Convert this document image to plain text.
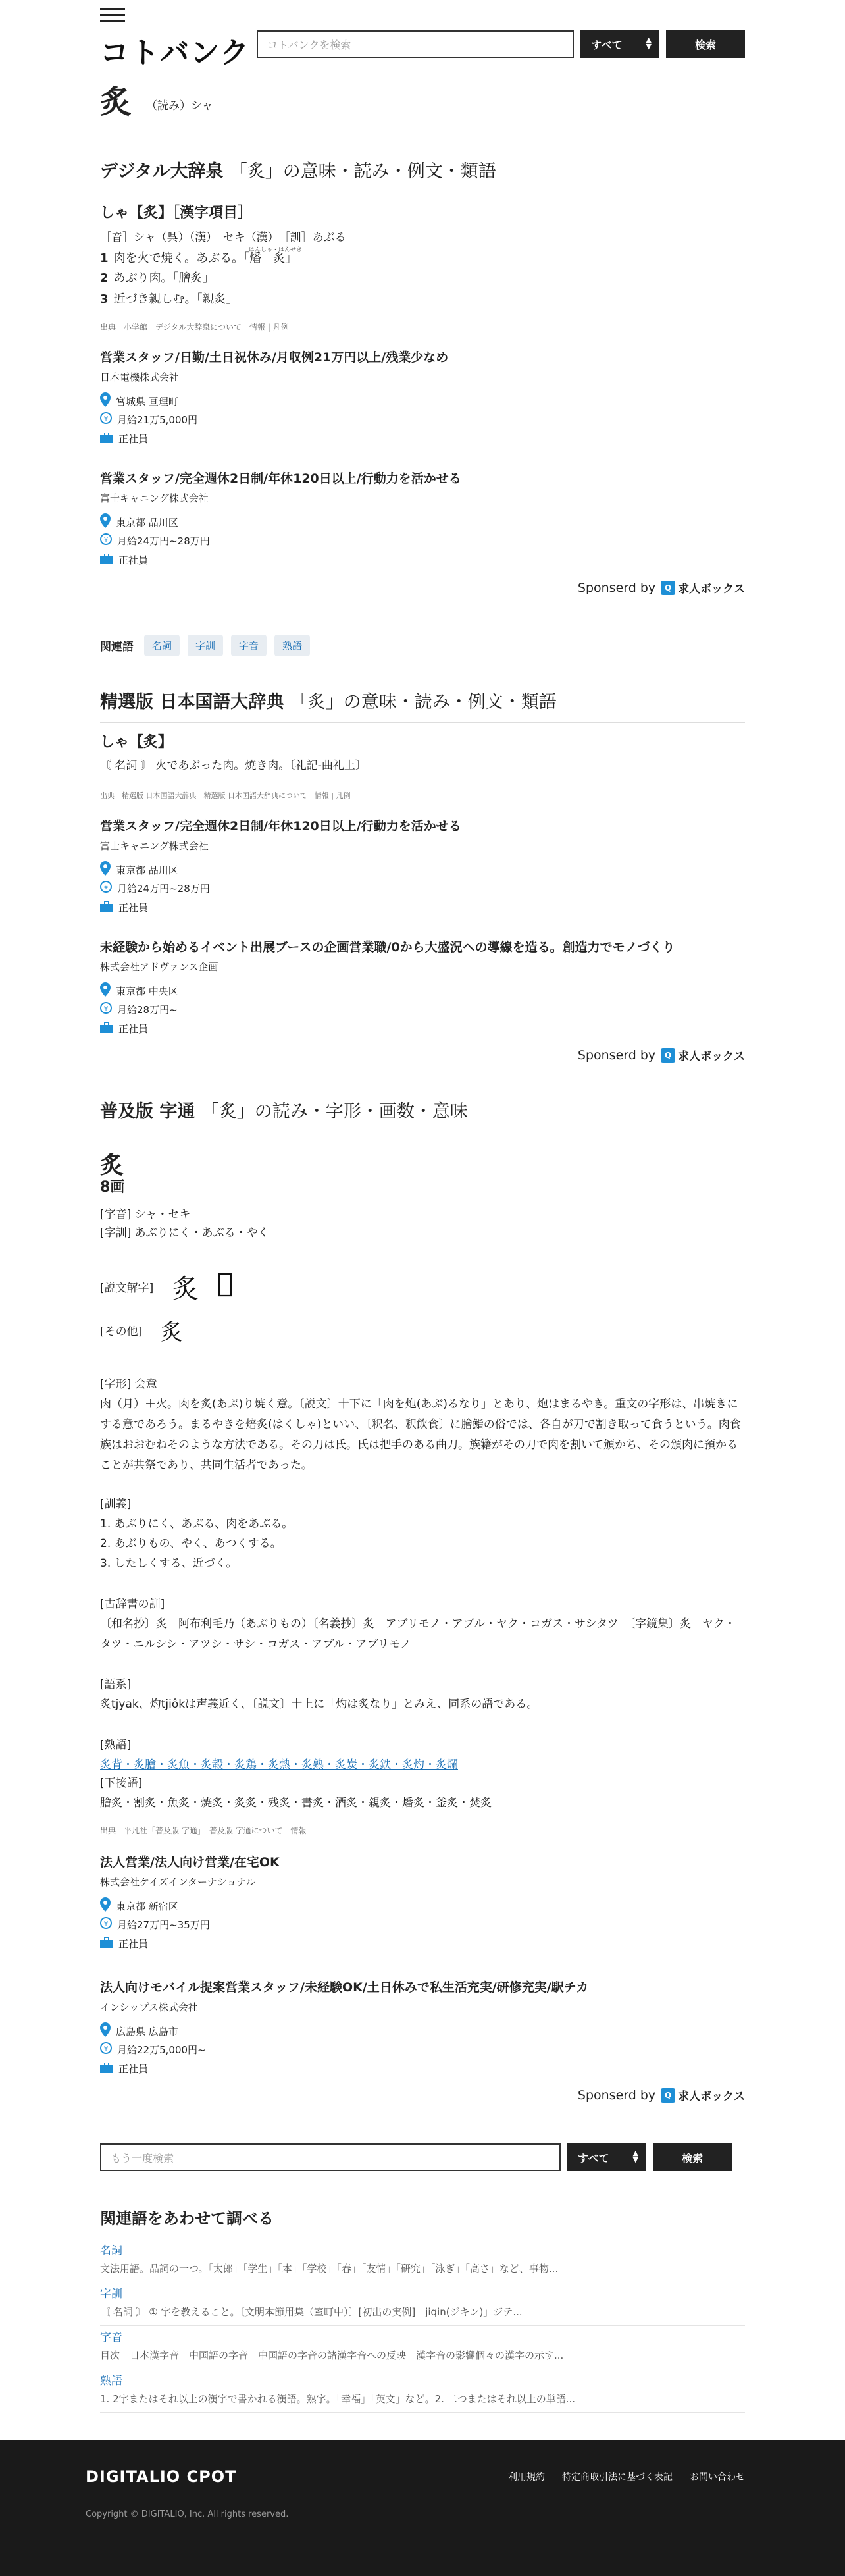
コトバンク	コトバンクを検索	すべて	▲
▼	検索
炙 （読み）シャ
デジタル大辞泉 「炙」の意味・読み・例文・類語
しゃ【炙】［漢字項目］
［音］シャ（呉）（漢）　セキ（漢）　［訓］あぶる
はんしゃ・はんせき
1 肉を火で焼く。あぶる。「燔　炙」
2 あぶり肉。「膾炙」
3 近づき親しむ。「親炙」
出典　小学館　デジタル大辞泉について　情報 | 凡例
営業スタッフ/日勤/土日祝休み/月収例21万円以上/残業少なめ
日本電機株式会社
宮城県 亘理町
¥ 月給21万5,000円
正社員
営業スタッフ/完全週休2日制/年休120日以上/行動力を活かせる
富士キャニング株式会社
東京都 品川区
¥ 月給24万円~28万円
正社員
Sponserd by	Q 求人ボックス
関連語	名詞	字訓	字音	熟語
精選版 日本国語大辞典 「炙」の意味・読み・例文・類語
しゃ【炙】
〘 名詞 〙 火であぶった肉。焼き肉。〔礼記‐曲礼上〕
出典　精選版 日本国語大辞典　精選版 日本国語大辞典について　情報 | 凡例
営業スタッフ/完全週休2日制/年休120日以上/行動力を活かせる
富士キャニング株式会社
東京都 品川区
¥ 月給24万円~28万円
正社員
未経験から始めるイベント出展ブースの企画営業職/0から大盛況への導線を造る。創造力でモノづくり
株式会社アドヴァンス企画
東京都 中央区
¥ 月給28万円~
正社員
Sponserd by	Q 求人ボックス
普及版 字通 「炙」の読み・字形・画数・意味
炙
8画
[字音] シャ・セキ
[字訓] あぶりにく・あぶる・やく
[説文解字] 炙 𤋗
[その他] 炙
[字形] 会意
肉（月）＋火。肉を炙(あぶ)り焼く意。〔説文〕十下に「肉を炮(あぶ)るなり」とあり、炮はまるやき。重文の字形は、串焼きにする意であろう。まるやきを焙炙(はくしゃ)といい、〔釈名、釈飲食〕に膾鮨の俗では、各自が刀で割き取って食うという。肉食族はおおむねそのような方法である。その刀は氏。氏は把手のある曲刀。族籍がその刀で肉を割いて頒かち、その頒肉に預かることが共祭であり、共同生活者であった。
[訓義]
1. あぶりにく、あぶる、肉をあぶる。
2. あぶりもの、やく、あつくする。
3. したしくする、近づく。
[古辞書の訓]
〔和名抄〕炙　阿布利毛乃（あぶりもの）〔名義抄〕炙　アブリモノ・アブル・ヤク・コガス・サシタツ　〔字鏡集〕炙　ヤク・タツ・ニルシシ・アツシ・サシ・コガス・アブル・アブリモノ
[語系]
炙tjyak、灼tjiôkは声義近く、〔説文〕十上に「灼は炙なり」とみえ、同系の語である。
[熟語]
炙背・炙膾・炙魚・炙轂・炙鶏・炙熱・炙熟・炙炭・炙鉄・炙灼・炙爛
[下接語]
膾炙・割炙・魚炙・焼炙・炙炙・残炙・書炙・酒炙・親炙・燔炙・釜炙・焚炙
出典　平凡社「普及版 字通」　普及版 字通について　情報
法人営業/法人向け営業/在宅OK
株式会社ケイズインターナショナル
東京都 新宿区
¥ 月給27万円~35万円
正社員
法人向けモバイル提案営業スタッフ/未経験OK/土日休みで私生活充実/研修充実/駅チカ
インシップス株式会社
広島県 広島市
¥ 月給22万5,000円~
正社員
Sponserd by	Q 求人ボックス
もう一度検索	すべて	▲
▼	検索
関連語をあわせて調べる
名詞
文法用語。品詞の一つ。「太郎」「学生」「本」「学校」「春」「友情」「研究」「泳ぎ」「高さ」など、事物...
字訓
〘 名詞 〙 ① 字を教えること。〔文明本節用集（室町中）〕[初出の実例]「jiqin(ジキン)」ジテ...
字音
目次　日本漢字音　中国語の字音　中国語の字音の諸漢字音への反映　漢字音の影響個々の漢字の示す...
熟語
1. 2字またはそれ以上の漢字で書かれる漢語。熟字。「幸福」「英文」など。2. 二つまたはそれ以上の単語...
DIGITALIO CPOT	利用規約 特定商取引法に基づく表記 お問い合わせ
Copyright © DIGITALIO, Inc. All rights reserved.
